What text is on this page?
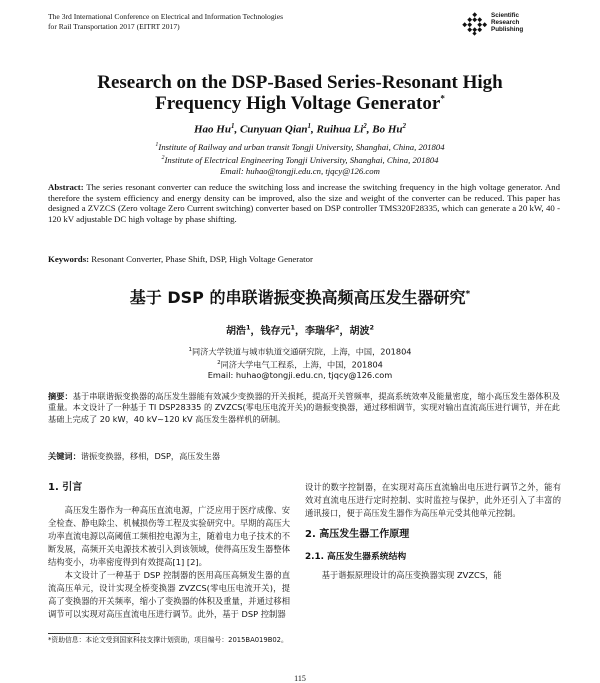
The 3rd International Conference on Electrical and Information Technologies
for Rail Transportation 2017 (EITRT 2017)
Scientific
Research
Publishing
Research on the DSP-Based Series-Resonant High
Frequency High Voltage Generator*
Hao Hu$^1$, Cunyuan Qian$^1$, Ruihua Li$^2$, Bo Hu$^2$
$^1$Institute of Railway and urban transit Tongji University, Shanghai, China, 201804
$^2$Institute of Electrical Engineering Tongji University, Shanghai, China, 201804
Email: huhao@tongji.edu.cn, tjqcy@126.com
Abstract: The series resonant converter can reduce the switching loss and increase the switching frequency in the high voltage generator. And therefore the system efficiency and energy density can be improved, also the size and weight of the converter can be reduced. This paper has designed a ZVZCS (Zero voltage Zero Current switching) converter based on DSP controller TMS320F28335, which can generate a 20 kW, 40 - 120 kV adjustable DC high voltage by phase shifting.
Keywords: Resonant Converter, Phase Shift, DSP, High Voltage Generator
基于 DSP 的串联谐振变换高频高压发生器研究*
胡浩$^1$，钱存元$^1$，李瑞华$^2$，胡波$^2$
$^1$同济大学铁道与城市轨道交通研究院，上海，中国，201804
$^2$同济大学电气工程系，上海，中国，201804
Email: huhao@tongji.edu.cn, tjqcy@126.com
摘要：基于串联谐振变换器的高压发生器能有效减少变换器的开关损耗，提高开关管频率，提高系统效率及能量密度，缩小高压发生器体积及重量。本文设计了一种基于 TI DSP28335 的 ZVZCS(零电压电流开关)的谐振变换器，通过移相调节，实现对输出直流高压进行调节，并在此基础上完成了 20 kW，40 kV~120 kV 高压发生器样机的研制。
关键词：谐振变换器，移相，DSP，高压发生器
1. 引言

高压发生器作为一种高压直流电源，广泛应用于医疗成像、安全检查、静电除尘、机械损伤等工程及实验研究中。早期的高压大功率直流电源以高阈值工频相控电源为主，随着电力电子技术的不断发展，高频开关电源技术被引入到该领域，使得高压发生器整体结构变小，功率密度得到有效提高[1] [2]。

本文设计了一种基于 DSP 控制器的医用高压高频发生器的直流高压单元，设计实现全桥变换器 ZVZCS(零电压电流开关)，提高了变换器的开关频率，缩小了变换器的体积及重量，并通过移相调节可以实现对高压直流电压进行调节。此外，基于 DSP 控制器

设计的数字控制器，在实现对高压直流输出电压进行调节之外，能有效对直流电压进行定时控制、实时监控与保护，此外还引入了丰富的通讯接口，便于高压发生器作为高压单元受其他单元控制。

2. 高压发生器工作原理
2.1. 高压发生器系统结构

基于谐振原理设计的高压变换器实现 ZVZCS，能

*资助信息：本论文受到国家科技支撑计划资助，项目编号：2015BA019B02。
115
